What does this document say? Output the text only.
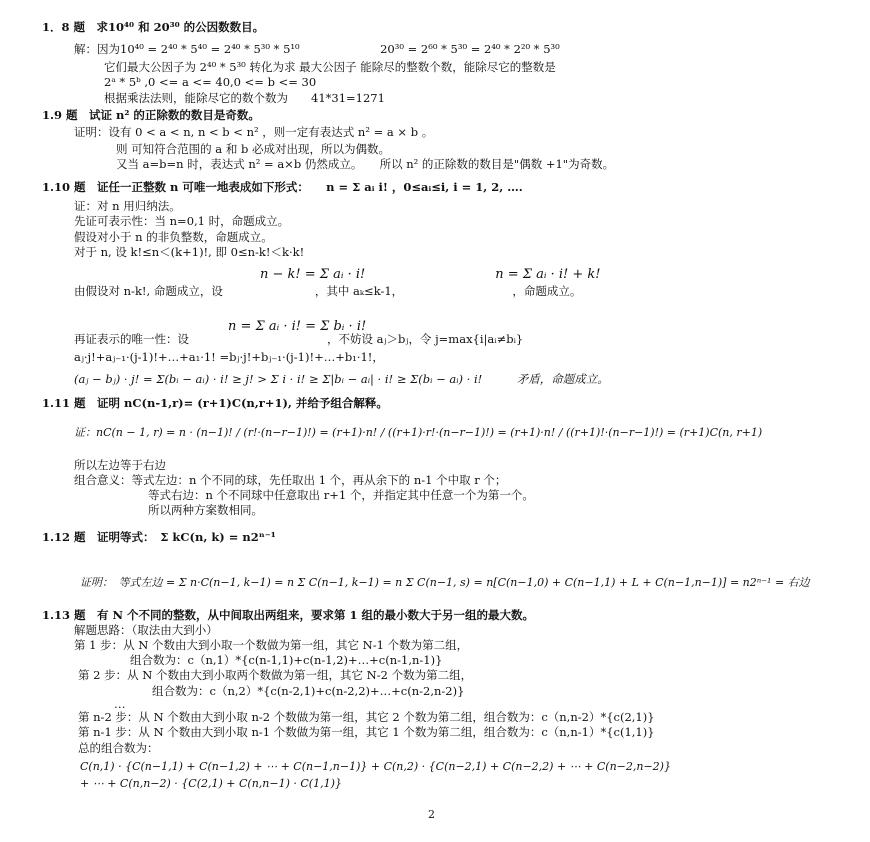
1．8 题　求10⁴⁰ 和 20³⁰ 的公因数数目。
解：因为10⁴⁰ = 2⁴⁰ * 5⁴⁰ = 2⁴⁰ * 5³⁰ * 5¹⁰　　　　　　　20³⁰ = 2⁶⁰ * 5³⁰ = 2⁴⁰ * 2²⁰ * 5³⁰
它们最大公因子为 2⁴⁰ * 5³⁰ 转化为求 最大公因子 能除尽的整数个数，能除尽它的整数是
2ᵃ * 5ᵇ ,0 <= a <= 40,0 <= b <= 30
根据乘法法则，能除尽它的数个数为　　41*31=1271
1.9 题　试证 n² 的正除数的数目是奇数。
证明：设有 0 < a < n, n < b < n² ，则一定有表达式 n² = a × b 。
则 可知符合范围的 a 和 b 必成对出现，所以为偶数。
又当 a=b=n 时，表达式 n² = a×b 仍然成立。　　所以 n² 的正除数的数目是"偶数 +1"为奇数。
1.10 题　证任一正整数 n 可唯一地表成如下形式：　　n = Σ aᵢ i! ，0≤aᵢ≤i, i = 1, 2, ….
证：对 n 用归纳法。
先证可表示性：当 n=0,1 时，命题成立。
假设对小于 n 的非负整数，命题成立。
对于 n, 设 k!≤n＜(k+1)!, 即 0≤n-k!＜k·k!
n − k! = Σ aᵢ · i!　　　　　　　　　　n = Σ aᵢ · i! + k!
由假设对 n-k!, 命题成立，设　　　　　　　　，其中 aₖ≤k-1，　　　　　　　　　　，命题成立。
n = Σ aᵢ · i! = Σ bᵢ · i!
再证表示的唯一性：设　　　　　　　　　　　　，不妨设 aⱼ＞bⱼ，令 j=max{i|aᵢ≠bᵢ}
aⱼ·j!+aⱼ₋₁·(j-1)!+…+a₁·1! =bⱼ·j!+bⱼ₋₁·(j-1)!+…+b₁·1!，
(aⱼ − bⱼ) · j! = Σ(bᵢ − aᵢ) · i! ≥ j! > Σ i · i! ≥ Σ|bᵢ − aᵢ| · i! ≥ Σ(bᵢ − aᵢ) · i!　　　矛盾，命题成立。
1.11 题　证明 nC(n-1,r)= (r+1)C(n,r+1), 并给予组合解释。
证：nC(n − 1, r) = n · (n−1)! / (r!·(n−r−1)!) = (r+1)·n! / ((r+1)·r!·(n−r−1)!) = (r+1)·n! / ((r+1)!·(n−r−1)!) = (r+1)C(n, r+1)
所以左边等于右边
组合意义：等式左边：n 个不同的球，先任取出 1 个，再从余下的 n-1 个中取 r 个；
等式右边：n 个不同球中任意取出 r+1 个，并指定其中任意一个为第一个。
所以两种方案数相同。
1.12 题　证明等式：　Σ kC(n, k) = n2ⁿ⁻¹
证明：　等式左边 = Σ n·C(n−1, k−1) = n Σ C(n−1, k−1) = n Σ C(n−1, s) = n[C(n−1,0) + C(n−1,1) + L + C(n−1,n−1)] = n2ⁿ⁻¹ = 右边
1.13 题　有 N 个不同的整数，从中间取出两组来，要求第 1 组的最小数大于另一组的最大数。
解题思路：（取法由大到小）
第 1 步：从 N 个数由大到小取一个数做为第一组，其它 N-1 个数为第二组，
组合数为：c（n,1）*{c(n-1,1)+c(n-1,2)+…+c(n-1,n-1)}
第 2 步：从 N 个数由大到小取两个数做为第一组，其它 N-2 个数为第二组，
组合数为：c（n,2）*{c(n-2,1)+c(n-2,2)+…+c(n-2,n-2)}
…
第 n-2 步：从 N 个数由大到小取 n-2 个数做为第一组，其它 2 个数为第二组，组合数为：c（n,n-2）*{c(2,1)}
第 n-1 步：从 N 个数由大到小取 n-1 个数做为第一组，其它 1 个数为第二组，组合数为：c（n,n-1）*{c(1,1)}
总的组合数为：
C(n,1) · {C(n−1,1) + C(n−1,2) + ⋯ + C(n−1,n−1)} + C(n,2) · {C(n−2,1) + C(n−2,2) + ⋯ + C(n−2,n−2)}
+ ⋯ + C(n,n−2) · {C(2,1) + C(n,n−1) · C(1,1)}
2
